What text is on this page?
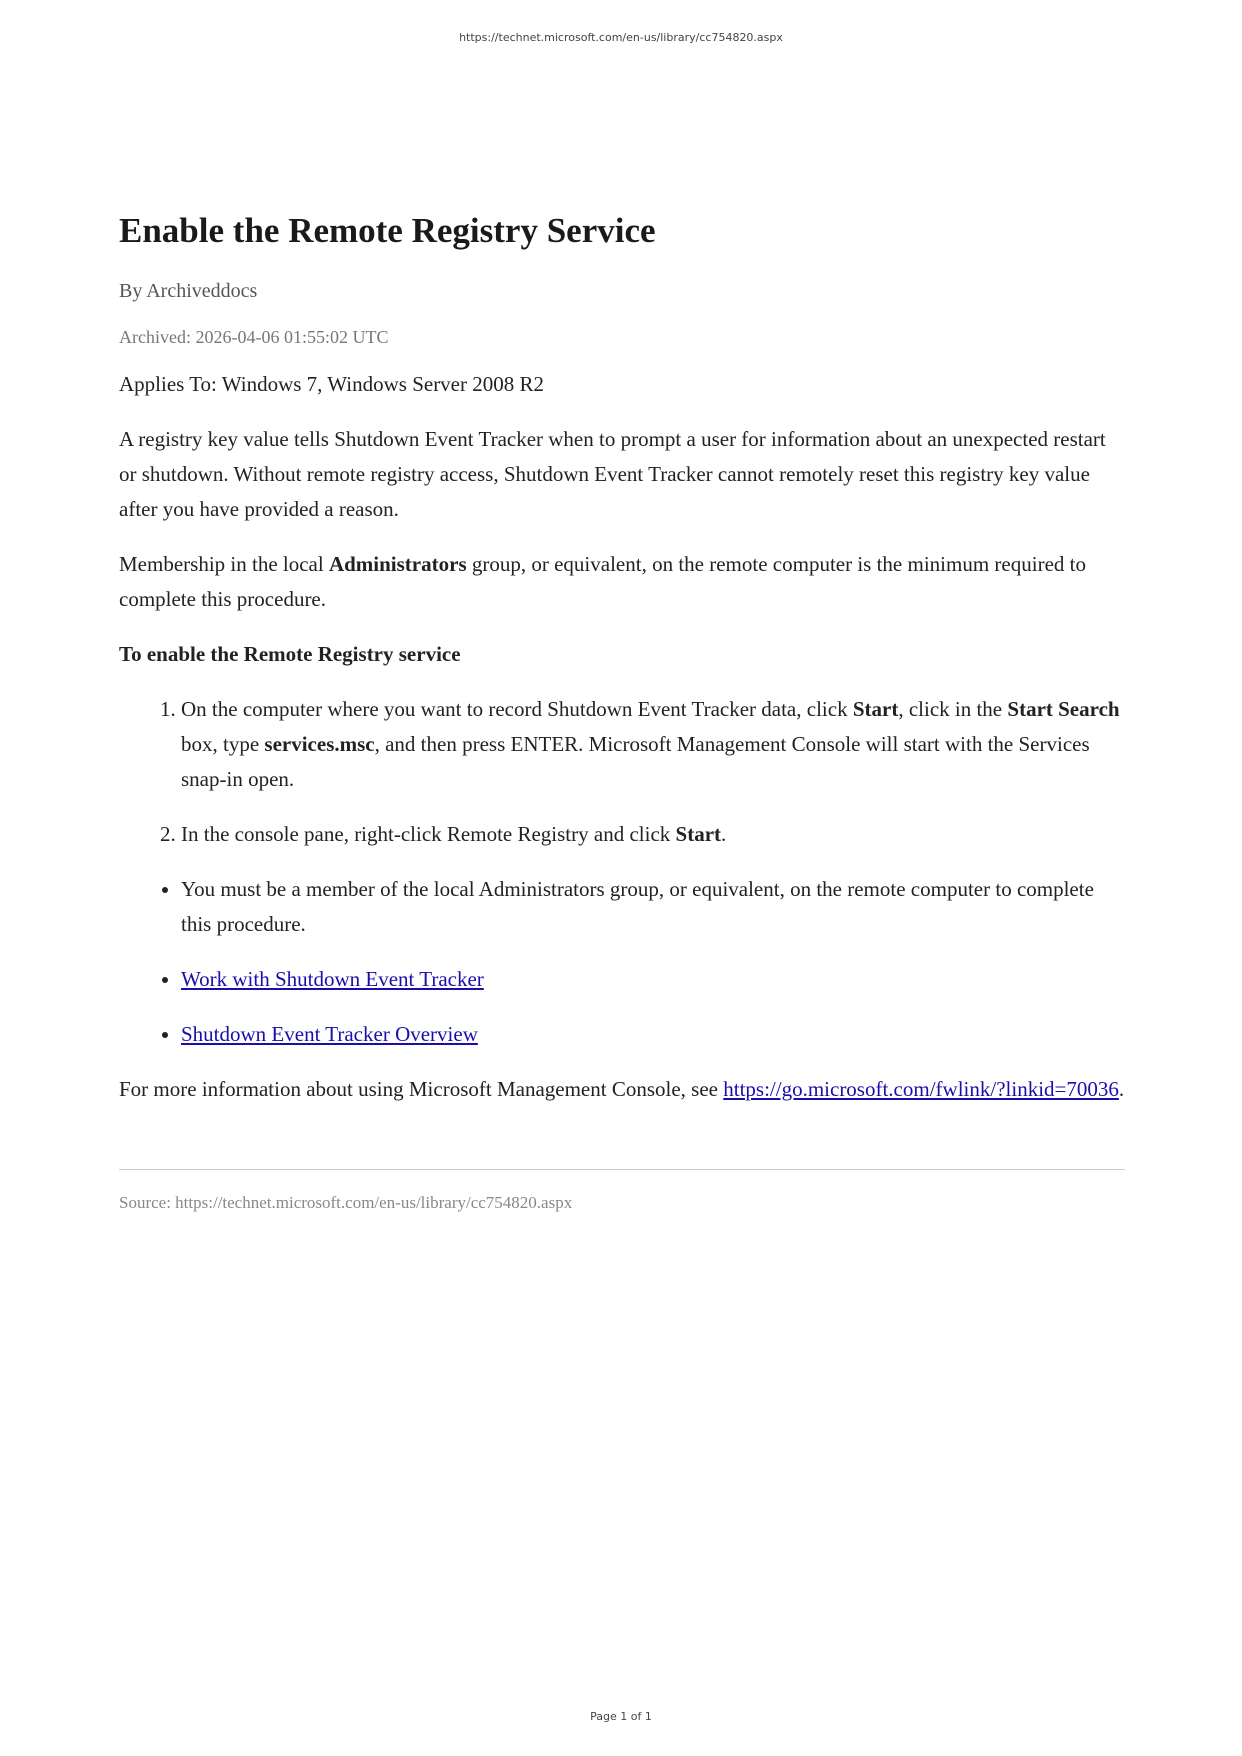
https://technet.microsoft.com/en-us/library/cc754820.aspx
Enable the Remote Registry Service
By Archiveddocs
Archived: 2026-04-06 01:55:02 UTC

Applies To: Windows 7, Windows Server 2008 R2

A registry key value tells Shutdown Event Tracker when to prompt a user for information about an unexpected restart or shutdown. Without remote registry access, Shutdown Event Tracker cannot remotely reset this registry key value after you have provided a reason.

Membership in the local Administrators group, or equivalent, on the remote computer is the minimum required to complete this procedure.

To enable the Remote Registry service

1. On the computer where you want to record Shutdown Event Tracker data, click Start, click in the Start Search box, type services.msc, and then press ENTER. Microsoft Management Console will start with the Services snap-in open.
2. In the console pane, right-click Remote Registry and click Start.
• You must be a member of the local Administrators group, or equivalent, on the remote computer to complete this procedure.
• Work with Shutdown Event Tracker
• Shutdown Event Tracker Overview

For more information about using Microsoft Management Console, see https://go.microsoft.com/fwlink/?linkid=70036.

Source: https://technet.microsoft.com/en-us/library/cc754820.aspx
Page 1 of 1
